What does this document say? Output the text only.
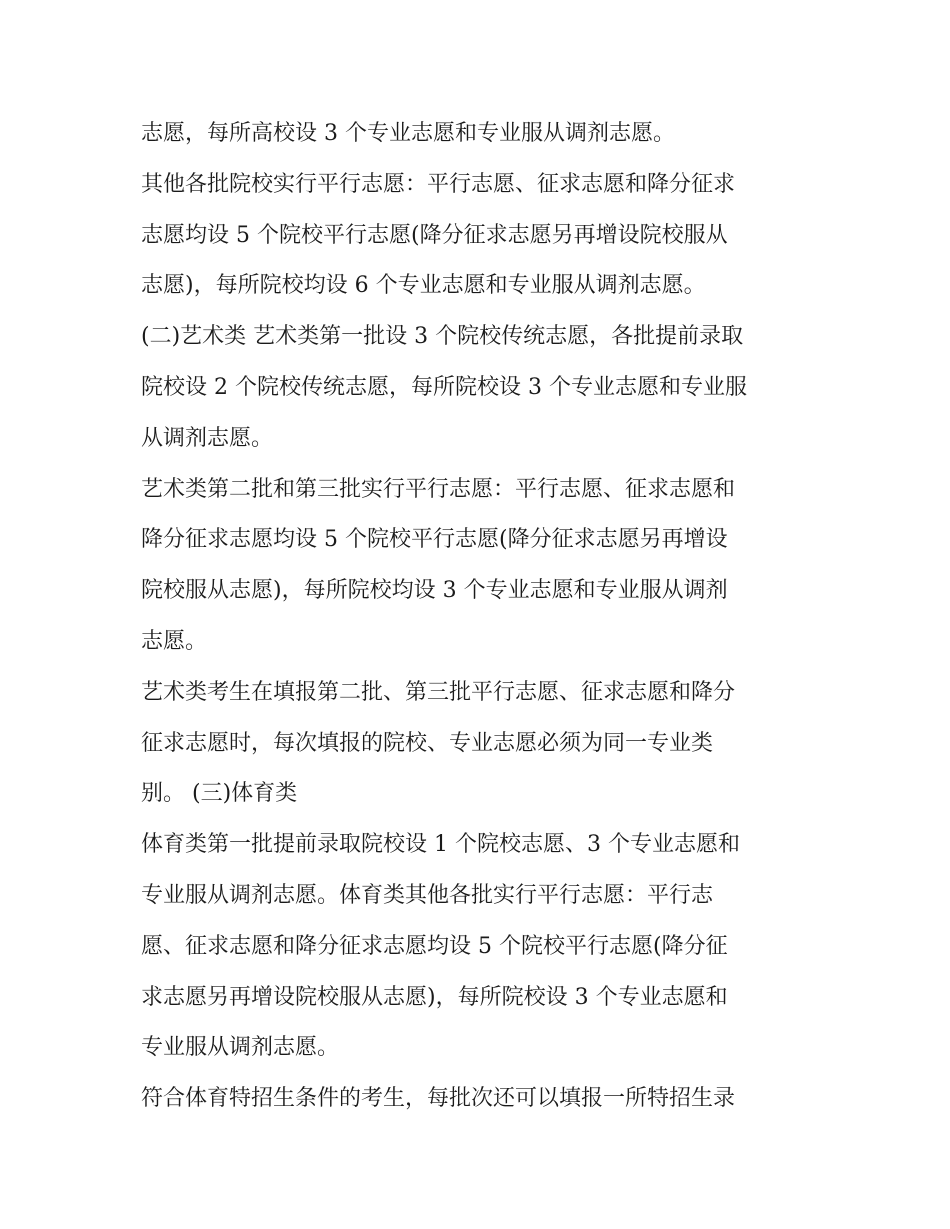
志愿，每所高校设 3 个专业志愿和专业服从调剂志愿。
其他各批院校实行平行志愿：平行志愿、征求志愿和降分征求
志愿均设 5 个院校平行志愿(降分征求志愿另再增设院校服从
志愿)，每所院校均设 6 个专业志愿和专业服从调剂志愿。
(二)艺术类 艺术类第一批设 3 个院校传统志愿，各批提前录取
院校设 2 个院校传统志愿，每所院校设 3 个专业志愿和专业服
从调剂志愿。
艺术类第二批和第三批实行平行志愿：平行志愿、征求志愿和
降分征求志愿均设 5 个院校平行志愿(降分征求志愿另再增设
院校服从志愿)，每所院校均设 3 个专业志愿和专业服从调剂
志愿。
艺术类考生在填报第二批、第三批平行志愿、征求志愿和降分
征求志愿时，每次填报的院校、专业志愿必须为同一专业类
别。 (三)体育类
体育类第一批提前录取院校设 1 个院校志愿、3 个专业志愿和
专业服从调剂志愿。体育类其他各批实行平行志愿：平行志
愿、征求志愿和降分征求志愿均设 5 个院校平行志愿(降分征
求志愿另再增设院校服从志愿)，每所院校设 3 个专业志愿和
专业服从调剂志愿。
符合体育特招生条件的考生，每批次还可以填报一所特招生录
